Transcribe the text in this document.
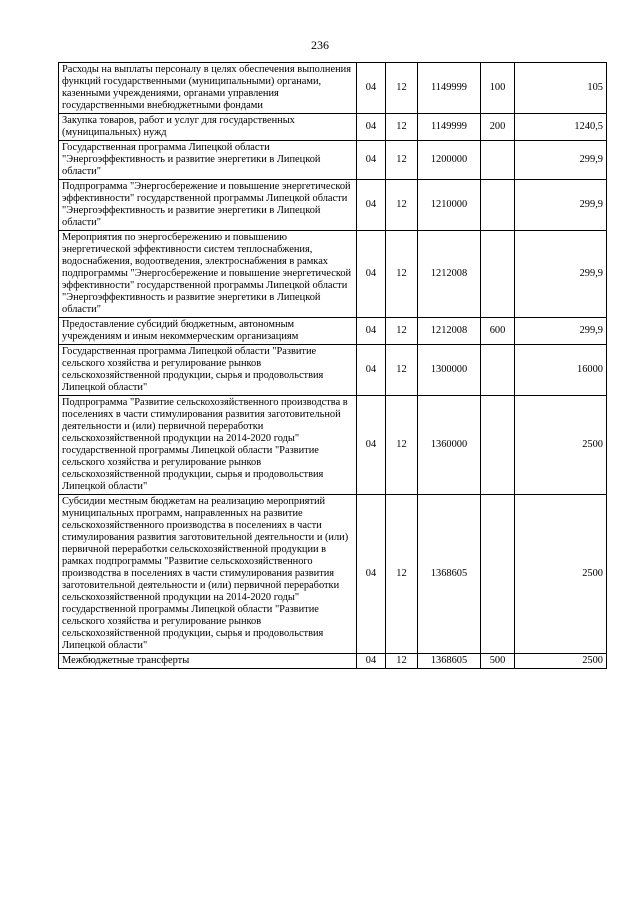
236
Расходы на выплаты персоналу в целях обеспечения выполнения функций государственными (муниципальными) органами, казенными учреждениями, органами управления государственными внебюджетными фондами	04	12	1149999	100	105
Закупка товаров, работ и услуг для государственных (муниципальных) нужд	04	12	1149999	200	1240,5
Государственная программа Липецкой области "Энергоэффективность и развитие энергетики в Липецкой области"	04	12	1200000		299,9
Подпрограмма "Энергосбережение и повышение энергетической эффективности" государственной программы Липецкой области "Энергоэффективность и развитие энергетики в Липецкой области"	04	12	1210000		299,9
Мероприятия по энергосбережению и повышению энергетической эффективности систем теплоснабжения, водоснабжения, водоотведения, электроснабжения в рамках подпрограммы "Энергосбережение и повышение энергетической эффективности" государственной программы Липецкой области "Энергоэффективность и развитие энергетики в Липецкой области"	04	12	1212008		299,9
Предоставление субсидий бюджетным, автономным учреждениям и иным некоммерческим организациям	04	12	1212008	600	299,9
Государственная программа Липецкой области "Развитие сельского хозяйства и регулирование рынков сельскохозяйственной продукции, сырья и продовольствия Липецкой области"	04	12	1300000		16000
Подпрограмма "Развитие сельскохозяйственного производства в поселениях в части стимулирования развития заготовительной деятельности и (или) первичной переработки сельскохозяйственной продукции на 2014-2020 годы" государственной программы Липецкой области "Развитие сельского хозяйства и регулирование рынков сельскохозяйственной продукции, сырья и продовольствия Липецкой области"	04	12	1360000		2500
Субсидии местным бюджетам на реализацию мероприятий муниципальных программ, направленных на развитие сельскохозяйственного производства в поселениях в части стимулирования развития заготовительной деятельности и (или) первичной переработки сельскохозяйственной продукции в рамках подпрограммы "Развитие сельскохозяйственного производства в поселениях в части стимулирования развития заготовительной деятельности и (или) первичной переработки сельскохозяйственной продукции на 2014-2020 годы" государственной программы Липецкой области "Развитие сельского хозяйства и регулирование рынков сельскохозяйственной продукции, сырья и продовольствия Липецкой области"	04	12	1368605		2500
Межбюджетные трансферты	04	12	1368605	500	2500
